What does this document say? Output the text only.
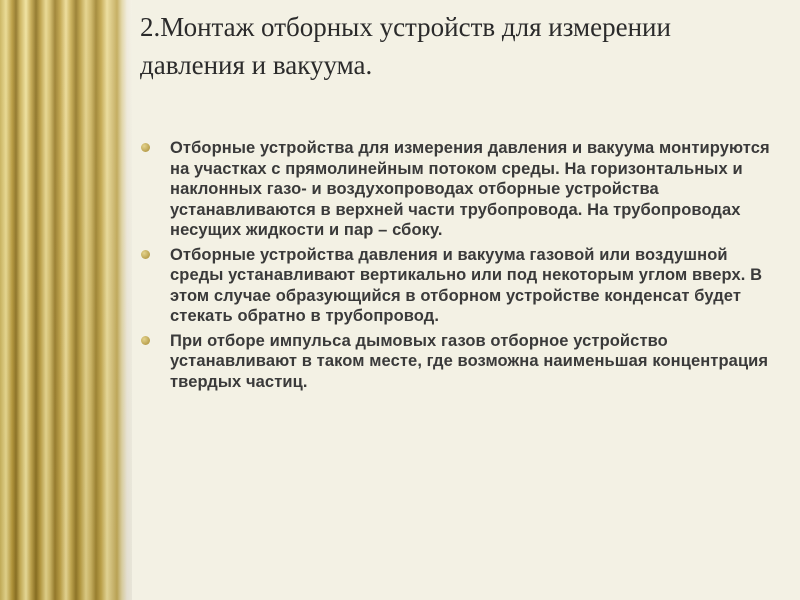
2.Монтаж отборных устройств для измерении давления и вакуума.
Отборные устройства для измерения давления и вакуума монтируются на участках с прямолинейным потоком среды. На горизонтальных и наклонных газо- и воздухопроводах отборные устройства устанавливаются в верхней части трубопровода. На трубопроводах несущих жидкости и пар – сбоку.
Отборные устройства давления и вакуума газовой или воздушной среды устанавливают вертикально или под некоторым углом вверх. В этом случае образующийся в отборном устройстве конденсат будет стекать обратно в трубопровод.
При отборе импульса дымовых газов отборное устройство устанавливают в таком месте, где возможна наименьшая концентрация твердых частиц.
